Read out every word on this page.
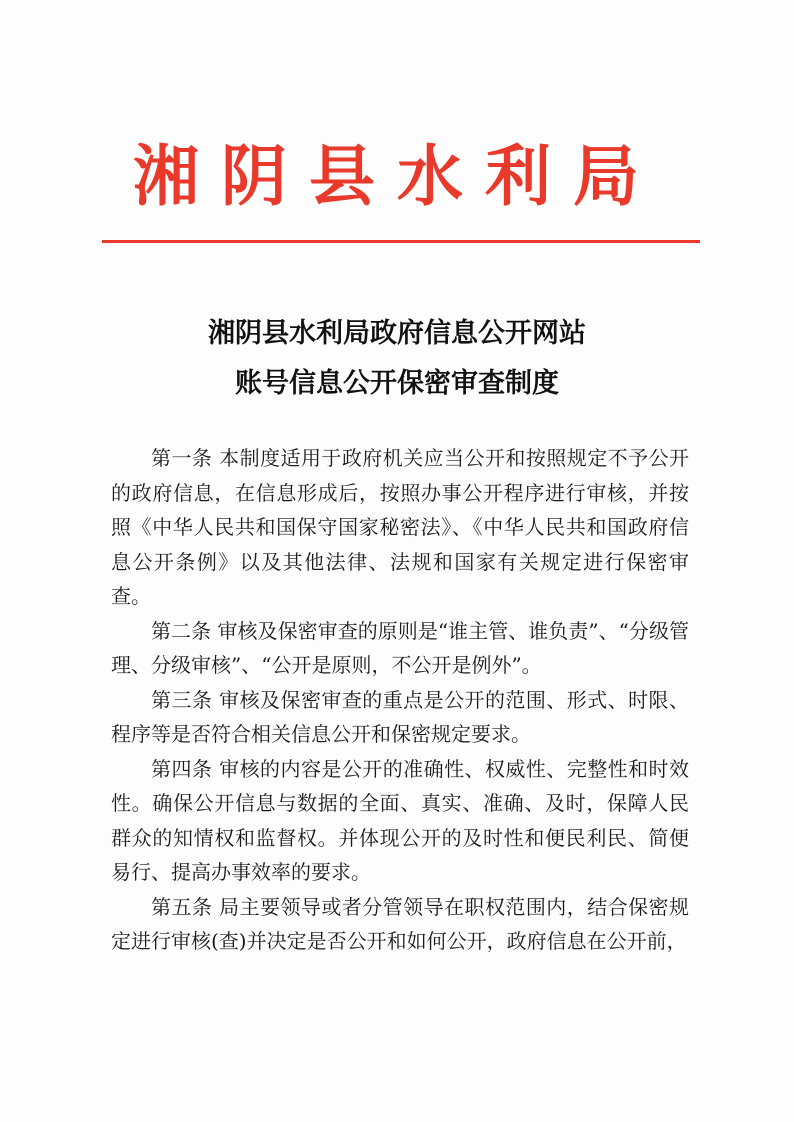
湘阴县水利局
湘阴县水利局政府信息公开网站
账号信息公开保密审查制度

第一条 本制度适用于政府机关应当公开和按照规定不予公开的政府信息，在信息形成后，按照办事公开程序进行审核，并按照《中华人民共和国保守国家秘密法》、《中华人民共和国政府信息公开条例》以及其他法律、法规和国家有关规定进行保密审查。

第二条 审核及保密审查的原则是“谁主管、谁负责”、“分级管理、分级审核”、“公开是原则，不公开是例外”。

第三条 审核及保密审查的重点是公开的范围、形式、时限、程序等是否符合相关信息公开和保密规定要求。

第四条 审核的内容是公开的准确性、权威性、完整性和时效性。确保公开信息与数据的全面、真实、准确、及时，保障人民群众的知情权和监督权。并体现公开的及时性和便民利民、简便易行、提高办事效率的要求。

第五条 局主要领导或者分管领导在职权范围内，结合保密规定进行审核(查)并决定是否公开和如何公开，政府信息在公开前，
